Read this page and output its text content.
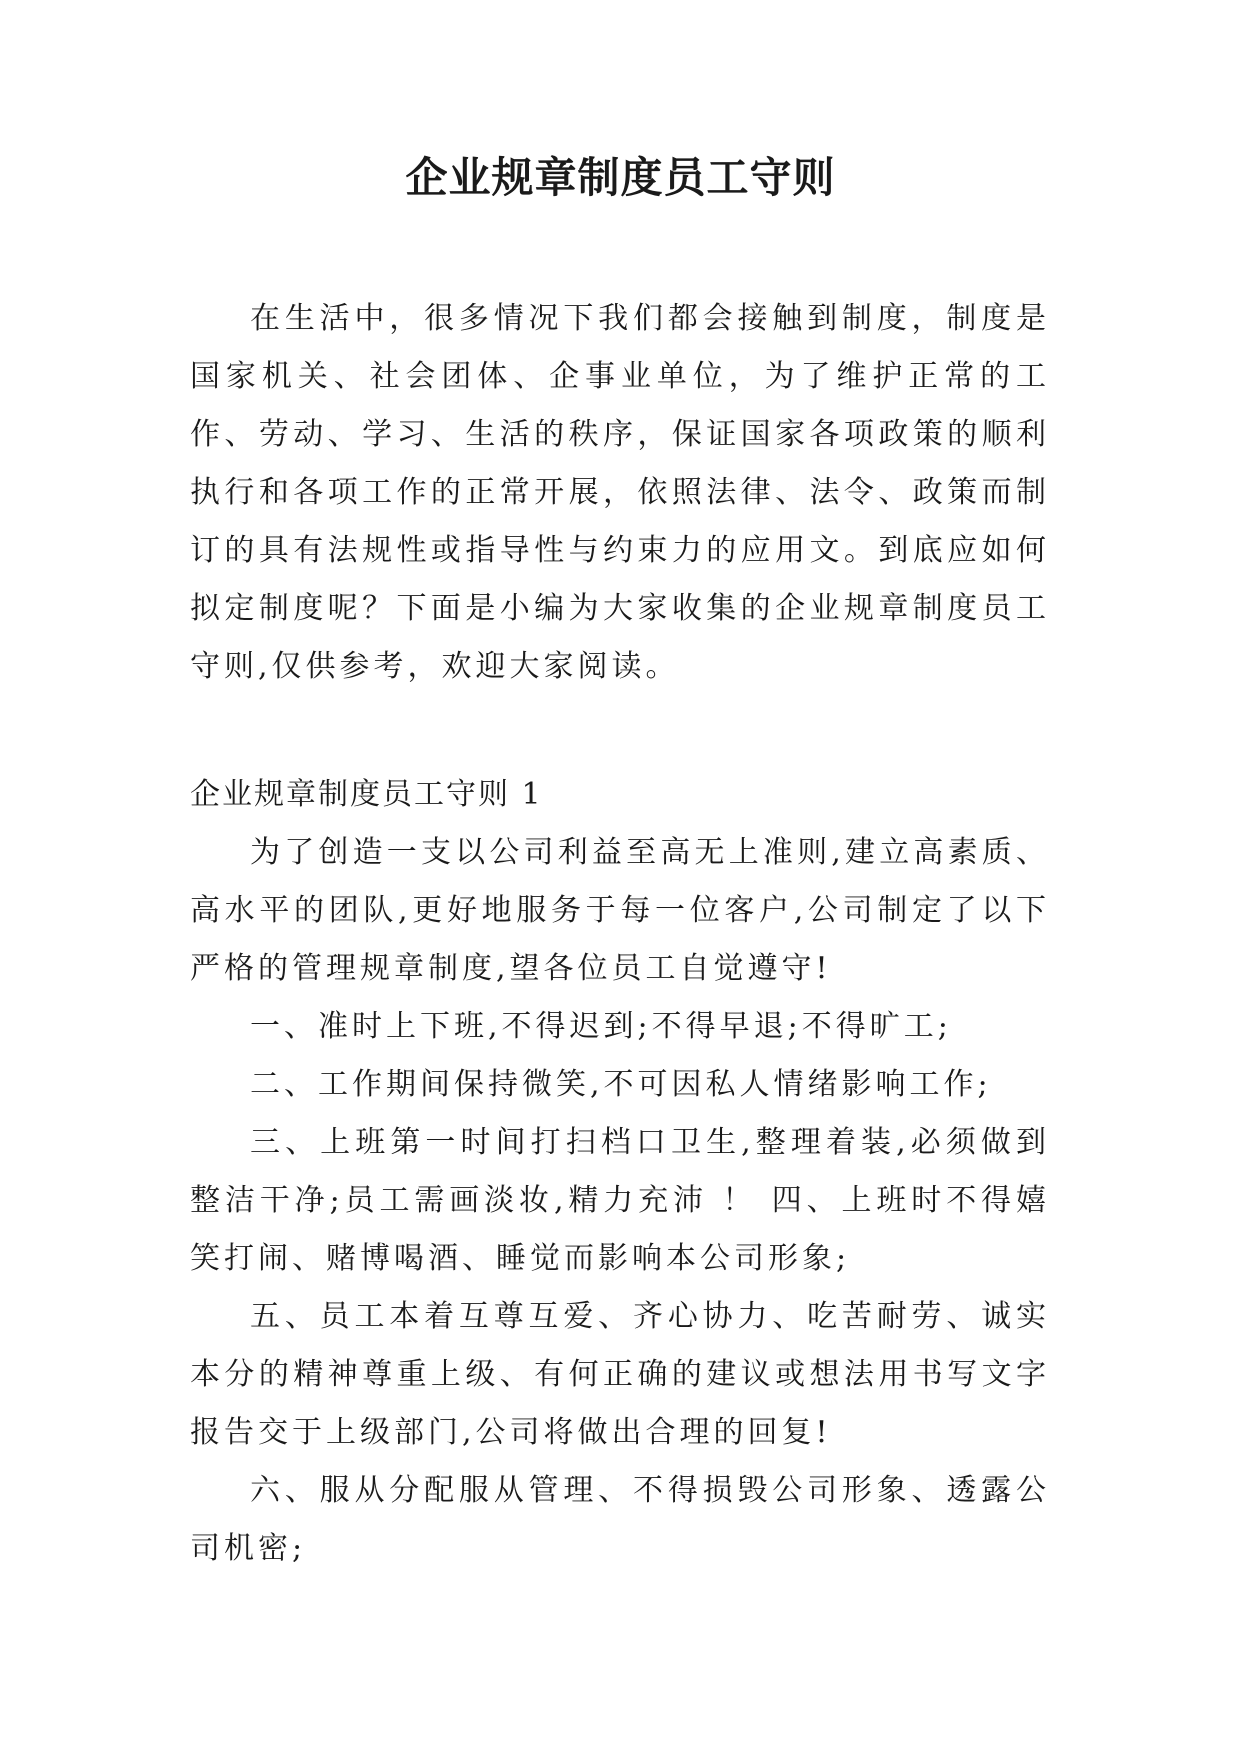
企业规章制度员工守则

在生活中，很多情况下我们都会接触到制度，制度是国家机关、社会团体、企事业单位，为了维护正常的工作、劳动、学习、生活的秩序，保证国家各项政策的顺利执行和各项工作的正常开展，依照法律、法令、政策而制订的具有法规性或指导性与约束力的应用文。到底应如何拟定制度呢？下面是小编为大家收集的企业规章制度员工守则,仅供参考，欢迎大家阅读。

企业规章制度员工守则 1

为了创造一支以公司利益至高无上准则,建立高素质、高水平的团队,更好地服务于每一位客户,公司制定了以下严格的管理规章制度,望各位员工自觉遵守!

一、准时上下班,不得迟到;不得早退;不得旷工;

二、工作期间保持微笑,不可因私人情绪影响工作;

三、上班第一时间打扫档口卫生,整理着装,必须做到整洁干净;员工需画淡妆,精力充沛 ！ 四、上班时不得嬉笑打闹、赌博喝酒、睡觉而影响本公司形象;

五、员工本着互尊互爱、齐心协力、吃苦耐劳、诚实本分的精神尊重上级、有何正确的建议或想法用书写文字报告交于上级部门,公司将做出合理的回复!

六、服从分配服从管理、不得损毁公司形象、透露公司机密;
